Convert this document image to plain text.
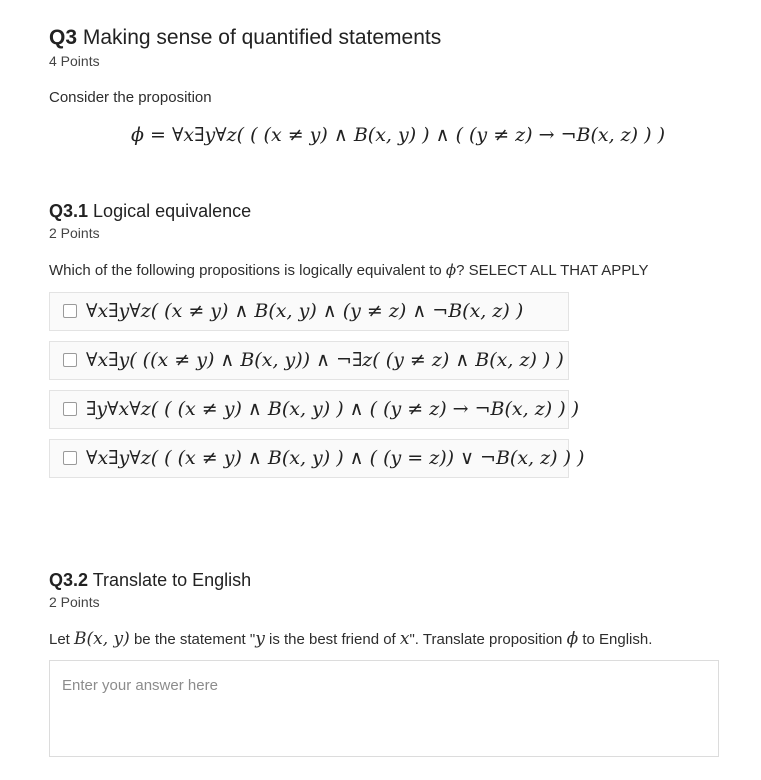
Q3 Making sense of quantified statements
4 Points
Consider the proposition
ϕ = ∀x∃y∀z( ( (x ≠ y) ∧ B(x, y) ) ∧ ( (y ≠ z) → ¬B(x, z) ) )
Q3.1 Logical equivalence
2 Points
Which of the following propositions is logically equivalent to ϕ? SELECT ALL THAT APPLY
∀x∃y∀z( (x ≠ y) ∧ B(x, y) ∧ (y ≠ z) ∧ ¬B(x, z) )
∀x∃y( ((x ≠ y) ∧ B(x, y)) ∧ ¬∃z( (y ≠ z) ∧ B(x, z) ) )
∃y∀x∀z( ( (x ≠ y) ∧ B(x, y) ) ∧ ( (y ≠ z) → ¬B(x, z) ) )
∀x∃y∀z( ( (x ≠ y) ∧ B(x, y) ) ∧ ( (y = z)) ∨ ¬B(x, z) ) )
Q3.2 Translate to English
2 Points
Let B(x, y) be the statement "y is the best friend of x". Translate proposition ϕ to English.
Enter your answer here
